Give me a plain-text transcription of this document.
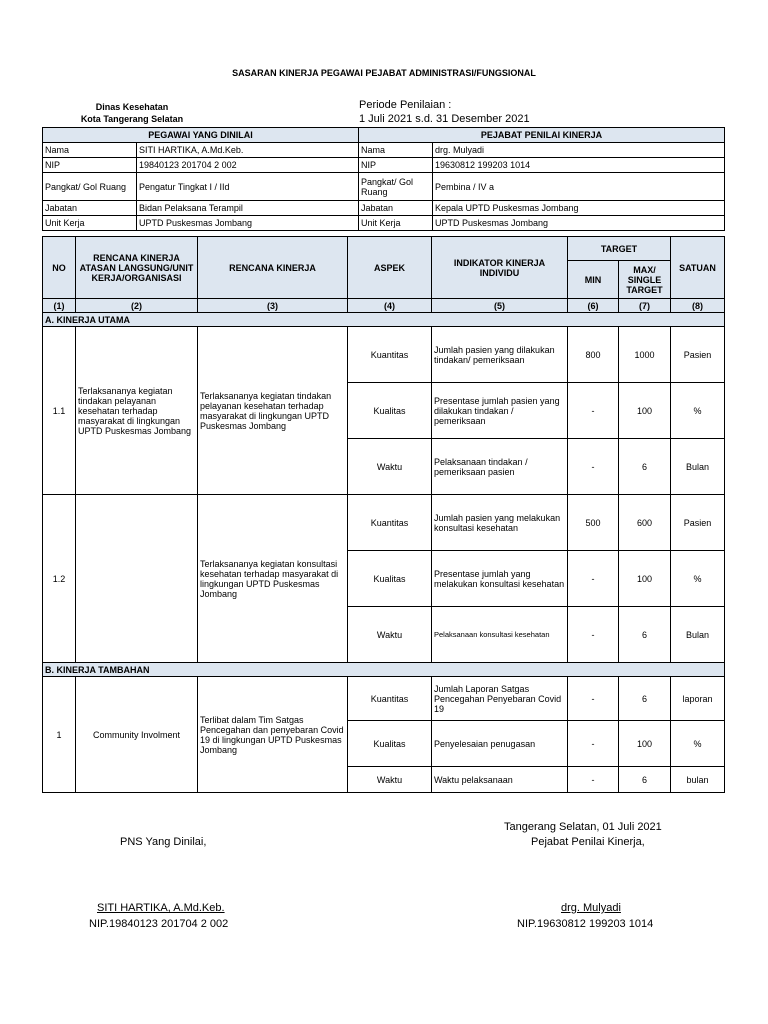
SASARAN KINERJA PEGAWAI PEJABAT ADMINISTRASI/FUNGSIONAL
Dinas Kesehatan
Kota Tangerang Selatan
Periode Penilaian :
1 Juli 2021 s.d. 31 Desember 2021
PEGAWAI YANG DINILAI		PEJABAT PENILAI KINERJA	
Nama	SITI HARTIKA, A.Md.Keb.	Nama	drg. Mulyadi
NIP	19840123 201704 2 002	NIP	19630812 199203 1014
Pangkat/ Gol Ruang	Pengatur Tingkat I / IId	Pangkat/ Gol Ruang	Pembina / IV a
Jabatan	Bidan Pelaksana Terampil	Jabatan	Kepala UPTD Puskesmas Jombang
Unit Kerja	UPTD Puskesmas Jombang	Unit Kerja	UPTD Puskesmas Jombang
NO	RENCANA KINERJA ATASAN LANGSUNG/UNIT KERJA/ORGANISASI	RENCANA KINERJA	ASPEK	INDIKATOR KINERJA INDIVIDU	TARGET		SATUAN
					MIN	MAX/ SINGLE TARGET	
(1)	(2)	(3)	(4)	(5)	(6)	(7)	(8)
A. KINERJA UTAMA							
1.1	Terlaksananya kegiatan tindakan pelayanan kesehatan terhadap masyarakat di lingkungan UPTD Puskesmas Jombang	Terlaksananya kegiatan tindakan pelayanan kesehatan terhadap masyarakat di lingkungan UPTD Puskesmas Jombang	Kuantitas	Jumlah pasien yang dilakukan tindakan/ pemeriksaan	800	1000	Pasien
			Kualitas	Presentase jumlah pasien yang dilakukan tindakan / pemeriksaan	-	100	%
			Waktu	Pelaksanaan tindakan / pemeriksaan pasien	-	6	Bulan
1.2		Terlaksananya kegiatan konsultasi kesehatan terhadap masyarakat di lingkungan UPTD Puskesmas Jombang	Kuantitas	Jumlah pasien yang melakukan konsultasi kesehatan	500	600	Pasien
			Kualitas	Presentase jumlah yang melakukan konsultasi kesehatan	-	100	%
			Waktu	Pelaksanaan konsultasi kesehatan	-	6	Bulan
B. KINERJA TAMBAHAN							
1	Community Involment	Terlibat dalam Tim Satgas Pencegahan dan penyebaran Covid 19 di lingkungan UPTD Puskesmas Jombang	Kuantitas	Jumlah Laporan Satgas Pencegahan Penyebaran Covid 19	-	6	laporan
			Kualitas	Penyelesaian penugasan	-	100	%
			Waktu	Waktu pelaksanaan	-	6	bulan
Tangerang Selatan, 01 Juli 2021
PNS Yang Dinilai,	Pejabat Penilai Kinerja,
SITI HARTIKA, A.Md.Keb.
NIP.19840123 201704 2 002
drg. Mulyadi
NIP.19630812 199203 1014
